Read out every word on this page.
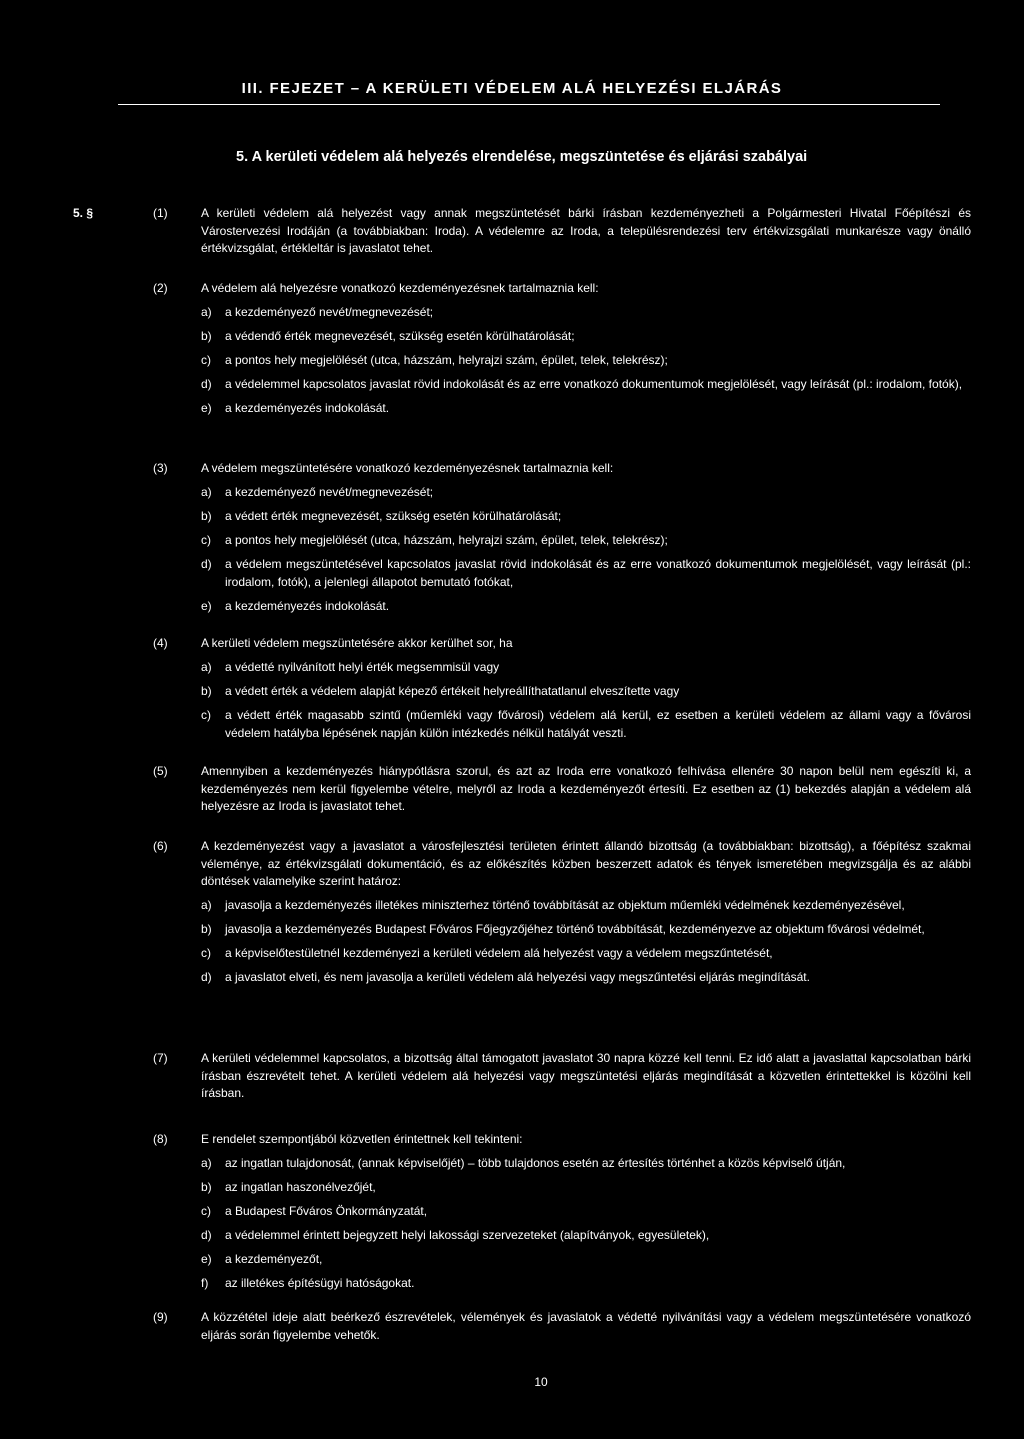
III. FEJEZET – A KERÜLETI VÉDELEM ALÁ HELYEZÉSI ELJÁRÁS
5. A kerületi védelem alá helyezés elrendelése, megszüntetése és eljárási szabályai
5. §	(1)	A kerületi védelem alá helyezést vagy annak megszüntetését bárki írásban kezdeményezheti a Polgármesteri Hivatal Főépítészi és Várostervezési Irodáján (a továbbiakban: Iroda). A védelemre az Iroda, a településrendezési terv értékvizsgálati munkarésze vagy önálló értékvizsgálat, értékleltár is javaslatot tehet.
(2)	A védelem alá helyezésre vonatkozó kezdeményezésnek tartalmaznia kell:
a) a kezdeményező nevét/megnevezését;
b) a védendő érték megnevezését, szükség esetén körülhatárolását;
c) a pontos hely megjelölését (utca, házszám, helyrajzi szám, épület, telek, telekrész);
d) a védelemmel kapcsolatos javaslat rövid indokolását és az erre vonatkozó dokumentumok megjelölését, vagy leírását (pl.: irodalom, fotók),
e) a kezdeményezés indokolását.
(3)	A védelem megszüntetésére vonatkozó kezdeményezésnek tartalmaznia kell:
a) a kezdeményező nevét/megnevezését;
b) a védett érték megnevezését, szükség esetén körülhatárolását;
c) a pontos hely megjelölését (utca, házszám, helyrajzi szám, épület, telek, telekrész);
d) a védelem megszüntetésével kapcsolatos javaslat rövid indokolását és az erre vonatkozó dokumentumok megjelölését, vagy leírását (pl.: irodalom, fotók), a jelenlegi állapotot bemutató fotókat,
e) a kezdeményezés indokolását.
(4)	A kerületi védelem megszüntetésére akkor kerülhet sor, ha
a) a védetté nyilvánított helyi érték megsemmisül vagy
b) a védett érték a védelem alapját képező értékeit helyreállíthatatlanul elveszítette vagy
c) a védett érték magasabb szintű (műemléki vagy fővárosi) védelem alá kerül, ez esetben a kerületi védelem az állami vagy a fővárosi védelem hatályba lépésének napján külön intézkedés nélkül hatályát veszti.
(5)	Amennyiben a kezdeményezés hiánypótlásra szorul, és azt az Iroda erre vonatkozó felhívása ellenére 30 napon belül nem egészíti ki, a kezdeményezés nem kerül figyelembe vételre, melyről az Iroda a kezdeményezőt értesíti. Ez esetben az (1) bekezdés alapján a védelem alá helyezésre az Iroda is javaslatot tehet.
(6)	A kezdeményezést vagy a javaslatot a városfejlesztési területen érintett állandó bizottság (a továbbiakban: bizottság), a főépítész szakmai véleménye, az értékvizsgálati dokumentáció, és az előkészítés közben beszerzett adatok és tények ismeretében megvizsgálja és az alábbi döntések valamelyike szerint határoz:
a) javasolja a kezdeményezés illetékes miniszterhez történő továbbítását az objektum műemléki védelmének kezdeményezésével,
b) javasolja a kezdeményezés Budapest Főváros Főjegyzőjéhez történő továbbítását, kezdeményezve az objektum fővárosi védelmét,
c) a képviselőtestületnél kezdeményezi a kerületi védelem alá helyezést vagy a védelem megszűntetését,
d) a javaslatot elveti, és nem javasolja a kerületi védelem alá helyezési vagy megszűntetési eljárás megindítását.
(7)	A kerületi védelemmel kapcsolatos, a bizottság által támogatott javaslatot 30 napra közzé kell tenni. Ez idő alatt a javaslattal kapcsolatban bárki írásban észrevételt tehet. A kerületi védelem alá helyezési vagy megszüntetési eljárás megindítását a közvetlen érintettekkel is közölni kell írásban.
(8)	E rendelet szempontjából közvetlen érintettnek kell tekinteni:
a) az ingatlan tulajdonosát, (annak képviselőjét) – több tulajdonos esetén az értesítés történhet a közös képviselő útján,
b) az ingatlan haszonélvezőjét,
c) a Budapest Főváros Önkormányzatát,
d) a védelemmel érintett bejegyzett helyi lakossági szervezeteket (alapítványok, egyesületek),
e) a kezdeményezőt,
f) az illetékes építésügyi hatóságokat.
(9)	A közzététel ideje alatt beérkező észrevételek, vélemények és javaslatok a védetté nyilvánítási vagy a védelem megszüntetésére vonatkozó eljárás során figyelembe vehetők.
10
